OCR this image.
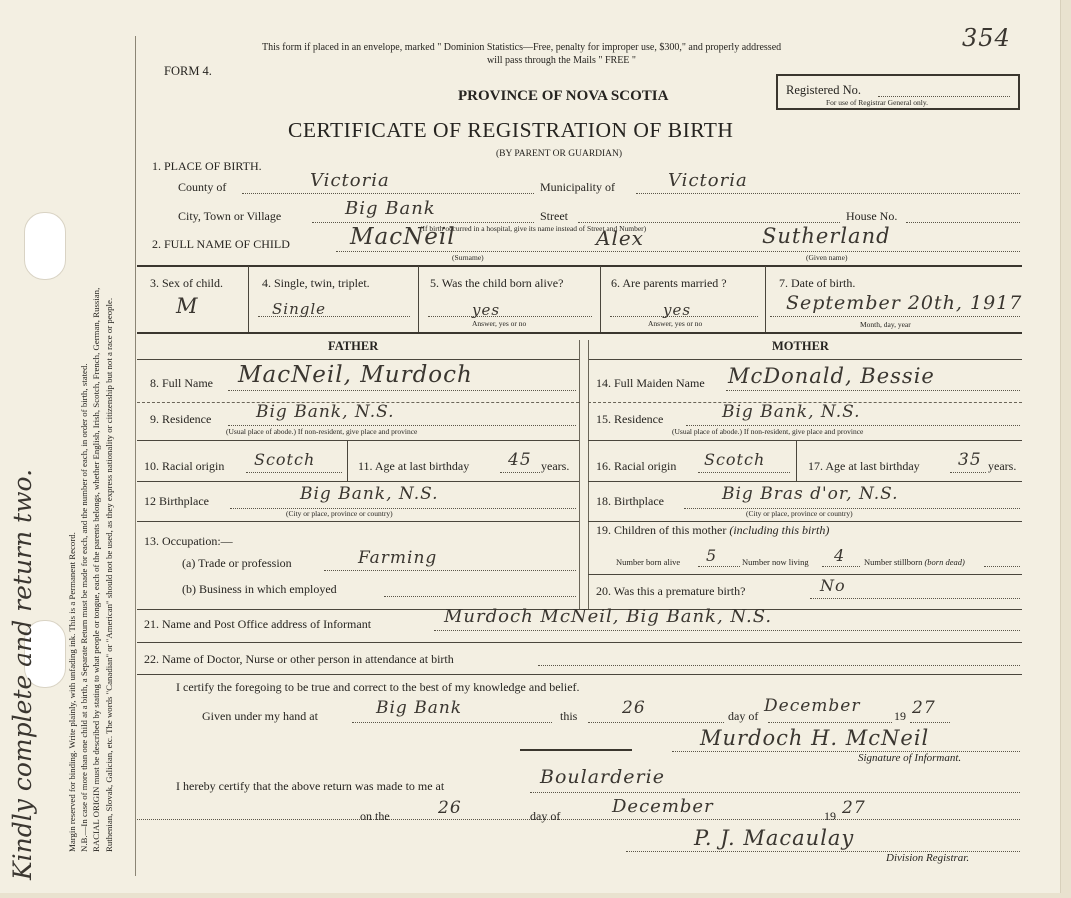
Margin reserved for binding. Write plainly, with unfading ink. This is a Permanent Record. N.B.—In case of more than one child at a birth, a Separate Return must be made for each, and the number of each, in order of birth, stated. RACIAL ORIGIN must be described by stating to what people or tongue, each of the parents belongs, whether English, Irish, Scotch, French, German, Russian, Ruthenian, Slovak, Galician, etc. The words "Canadian" or "American" should not be used, as they express nationality or citizenship but not a race or people.
Kindly complete and return two.
This form if placed in an envelope, marked " Dominion Statistics—Free, penalty for improper use, $300," and properly addressed
will pass through the Mails " FREE "
354
FORM 4.
PROVINCE OF NOVA SCOTIA	Registered No.
For use of Registrar General only.
CERTIFICATE OF REGISTRATION OF BIRTH
(BY PARENT OR GUARDIAN)
1. PLACE OF BIRTH.
County of	Victoria	Municipality of	Victoria
City, Town or Village	Big Bank	Street	House No.
(If birth occurred in a hospital, give its name instead of Street and Number)
2. FULL NAME OF CHILD	MacNeil	Alex	Sutherland
(Surname)	(Given name)
3. Sex of child.
M
4. Single, twin, triplet.
Single
5. Was the child born alive?
yes
Answer, yes or no
6. Are parents married ?
yes
Answer, yes or no
7. Date of birth.
September 20th, 1917
Month, day, year
FATHER	MOTHER
8. Full Name MacNeil, Murdoch	14. Full Maiden Name McDonald, Bessie
9. Residence	Big Bank, N.S.
(Usual place of abode.) If non-resident, give place and province
15. Residence	Big Bank, N.S.
(Usual place of abode.) If non-resident, give place and province
10. Racial origin Scotch	11. Age at last birthday 45 years. 16. Racial origin Scotch	17. Age at last birthday 35 years.
12 Birthplace	Big Bank, N.S.
(City or place, province or country)
18. Birthplace	Big Bras d'or, N.S.
(City or place, province or country)
13. Occupation:—
(a) Trade or profession	Farming
(b) Business in which employed
19. Children of this mother (including this birth)
Number born alive 5	Number now living 4 Number stillborn (born dead)
20. Was this a premature birth?	No
21. Name and Post Office address of Informant	Murdoch McNeil, Big Bank, N.S.
22. Name of Doctor, Nurse or other person in attendance at birth
I certify the foregoing to be true and correct to the best of my knowledge and belief.
Given under my hand at	Big Bank	this	26	day of December	19 27
Murdoch H. McNeil
Signature of Informant.
I hereby certify that the above return was made to me at	Boularderie
on the	26	day of	December	19 27
P. J. Macaulay
Division Registrar.
